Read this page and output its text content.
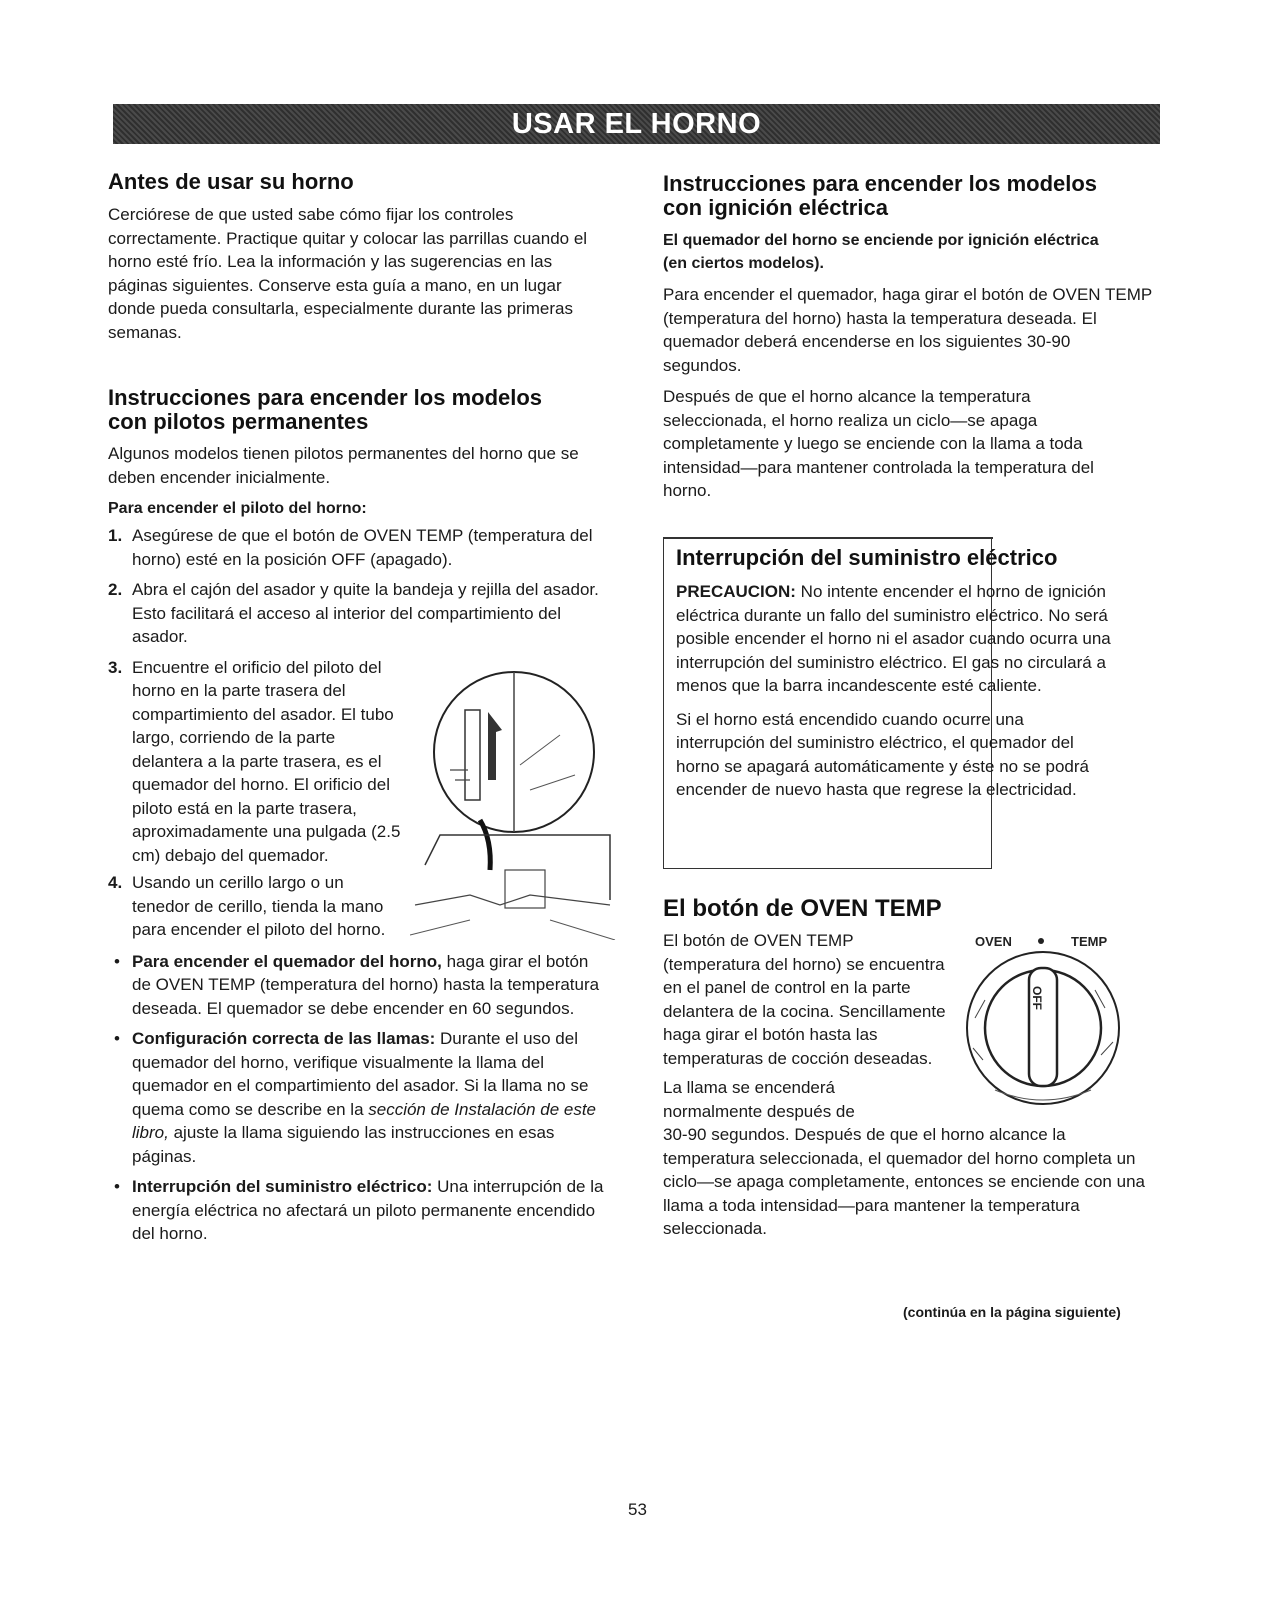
USAR EL HORNO
Antes de usar su horno

Cerciórese de que usted sabe cómo fijar los controles correctamente. Practique quitar y colocar las parrillas cuando el horno esté frío. Lea la información y las sugerencias en las páginas siguientes. Conserve esta guía a mano, en un lugar donde pueda consultarla, especialmente durante las primeras semanas.

Instrucciones para encender los modelos
con pilotos permanentes

Algunos modelos tienen pilotos permanentes del horno que se deben encender inicialmente.

Para encender el piloto del horno:

1. Asegúrese de que el botón de OVEN TEMP (temperatura del horno) esté en la posición OFF (apagado).
2. Abra el cajón del asador y quite la bandeja y rejilla del asador. Esto facilitará el acceso al interior del compartimiento del asador.
3. Encuentre el orificio del piloto del horno en la parte trasera del compartimiento del asador. El tubo largo, corriendo de la parte delantera a la parte trasera, es el quemador del horno. El orificio del piloto está en la parte trasera, aproximadamente una pulgada (2.5 cm) debajo del quemador.
4. Usando un cerillo largo o un tenedor de cerillo, tienda la mano para encender el piloto del horno.
• Para encender el quemador del horno, haga girar el botón de OVEN TEMP (temperatura del horno) hasta la temperatura deseada. El quemador se debe encender en 60 segundos.
• Configuración correcta de las llamas: Durante el uso del quemador del horno, verifique visualmente la llama del quemador en el compartimiento del asador. Si la llama no se quema como se describe en la sección de Instalación de este libro, ajuste la llama siguiendo las instrucciones en esas páginas.
• Interrupción del suministro eléctrico: Una interrupción de la energía eléctrica no afectará un piloto permanente encendido del horno.
Instrucciones para encender los modelos
con ignición eléctrica

El quemador del horno se enciende por ignición eléctrica (en ciertos modelos).

Para encender el quemador, haga girar el botón de OVEN TEMP (temperatura del horno) hasta la temperatura deseada. El quemador deberá encenderse en los siguientes 30-90 segundos.

Después de que el horno alcance la temperatura seleccionada, el horno realiza un ciclo—se apaga completamente y luego se enciende con la llama a toda intensidad—para mantener controlada la temperatura del horno.

Interrupción del suministro eléctrico

PRECAUCION: No intente encender el horno de ignición eléctrica durante un fallo del suministro eléctrico. No será posible encender el horno ni el asador cuando ocurra una interrupción del suministro eléctrico. El gas no circulará a menos que la barra incandescente esté caliente.

Si el horno está encendido cuando ocurre una interrupción del suministro eléctrico, el quemador del horno se apagará automáticamente y éste no se podrá encender de nuevo hasta que regrese la electricidad.

El botón de OVEN TEMP

El botón de OVEN TEMP (temperatura del horno) se encuentra en el panel de control en la parte delantera de la cocina. Sencillamente haga girar el botón hasta las temperaturas de cocción deseadas.

La llama se encenderá normalmente después de

30-90 segundos. Después de que el horno alcance la temperatura seleccionada, el quemador del horno completa un ciclo—se apaga completamente, entonces se enciende con una llama a toda intensidad—para mantener la temperatura seleccionada.

OVEN	TEMP
OFF
(continúa en la página siguiente)
53
